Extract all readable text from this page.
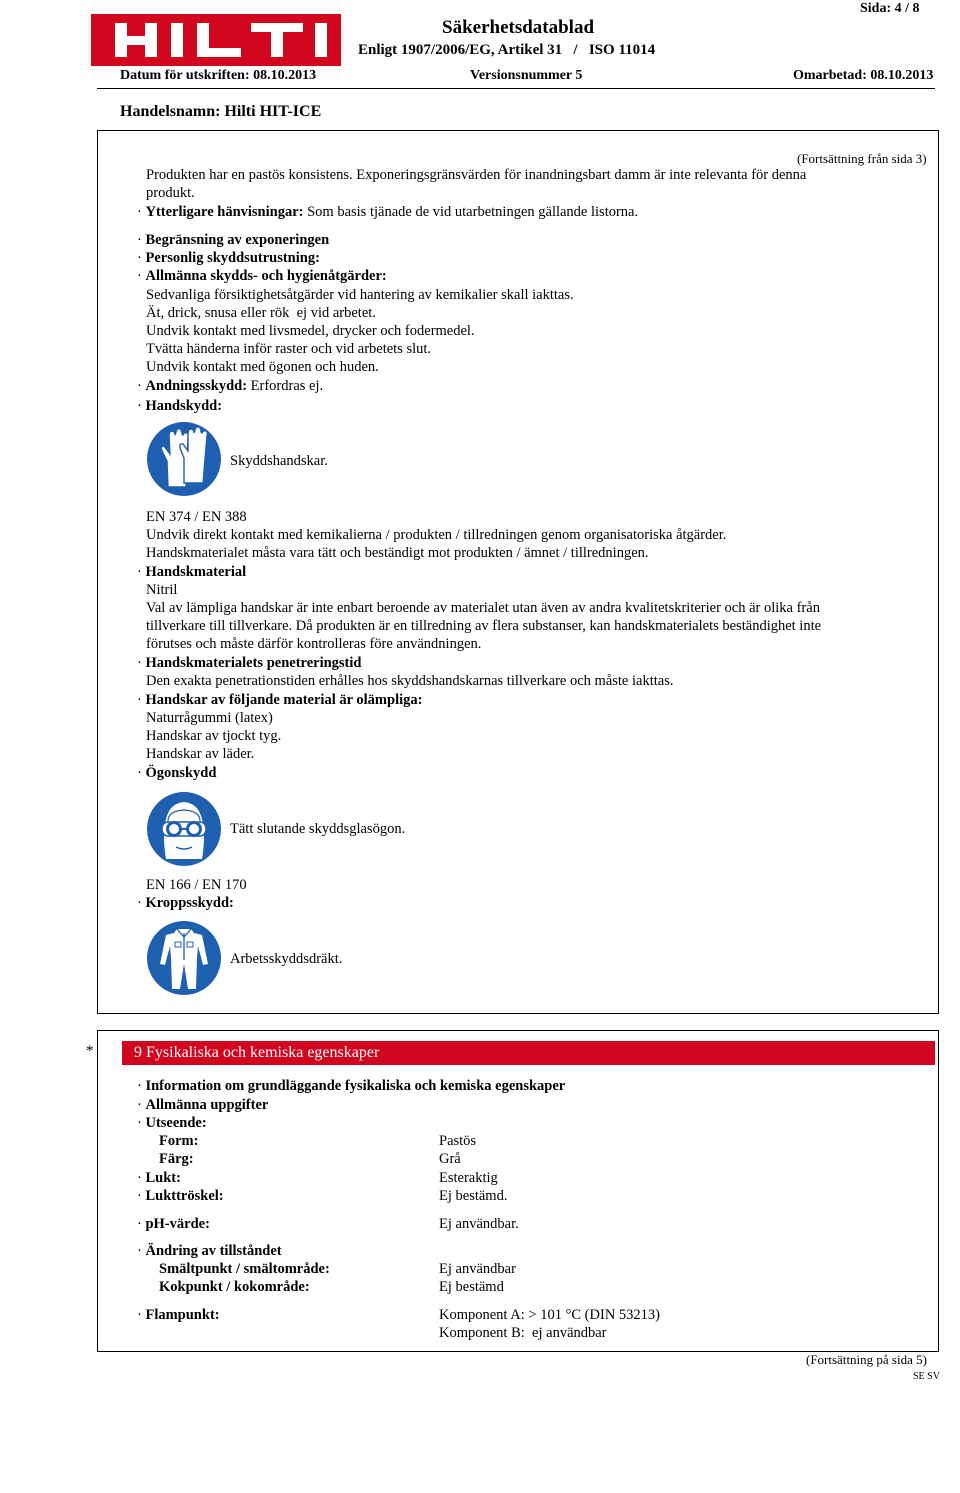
Sida: 4 / 8
Säkerhetsdatablad
Enligt 1907/2006/EG, Artikel 31   /   ISO 11014
Datum för utskriften: 08.10.2013	Versionsnummer 5	Omarbetad: 08.10.2013
Handelsnamn: Hilti HIT-ICE
(Fortsättning från sida 3)
Produkten har en pastös konsistens. Exponeringsgränsvärden för inandningsbart damm är inte relevanta för denna
produkt.
· Ytterligare hänvisningar: Som basis tjänade de vid utarbetningen gällande listorna.
· Begränsning av exponeringen
· Personlig skyddsutrustning:
· Allmänna skydds- och hygienåtgärder:
Sedvanliga försiktighetsåtgärder vid hantering av kemikalier skall iakttas.
Ät, drick, snusa eller rök  ej vid arbetet.
Undvik kontakt med livsmedel, drycker och fodermedel.
Tvätta händerna inför raster och vid arbetets slut.
Undvik kontakt med ögonen och huden.
· Andningsskydd: Erfordras ej.
· Handskydd:
Skyddshandskar.
EN 374 / EN 388
Undvik direkt kontakt med kemikalierna / produkten / tillredningen genom organisatoriska åtgärder.
Handskmaterialet måsta vara tätt och beständigt mot produkten / ämnet / tillredningen.
· Handskmaterial
Nitril
Val av lämpliga handskar är inte enbart beroende av materialet utan även av andra kvalitetskriterier och är olika från
tillverkare till tillverkare. Då produkten är en tillredning av flera substanser, kan handskmaterialets beständighet inte
förutses och måste därför kontrolleras före användningen.
· Handskmaterialets penetreringstid
Den exakta penetrationstiden erhålles hos skyddshandskarnas tillverkare och måste iakttas.
· Handskar av följande material är olämpliga:
Naturrågummi (latex)
Handskar av tjockt tyg.
Handskar av läder.
· Ögonskydd
Tätt slutande skyddsglasögon.
EN 166 / EN 170
· Kroppsskydd:
Arbetsskyddsdräkt.
*	9 Fysikaliska och kemiska egenskaper
· Information om grundläggande fysikaliska och kemiska egenskaper
· Allmänna uppgifter
· Utseende:
Form:	Pastös
Färg:	Grå
· Lukt:	Esteraktig
· Lukttröskel:	Ej bestämd.
· pH-värde:	Ej användbar.
· Ändring av tillståndet
Smältpunkt / smältområde:	Ej användbar
Kokpunkt / kokområde:	Ej bestämd
· Flampunkt:	Komponent A: > 101 °C (DIN 53213)
Komponent B:  ej användbar
(Fortsättning på sida 5)
SE SV
